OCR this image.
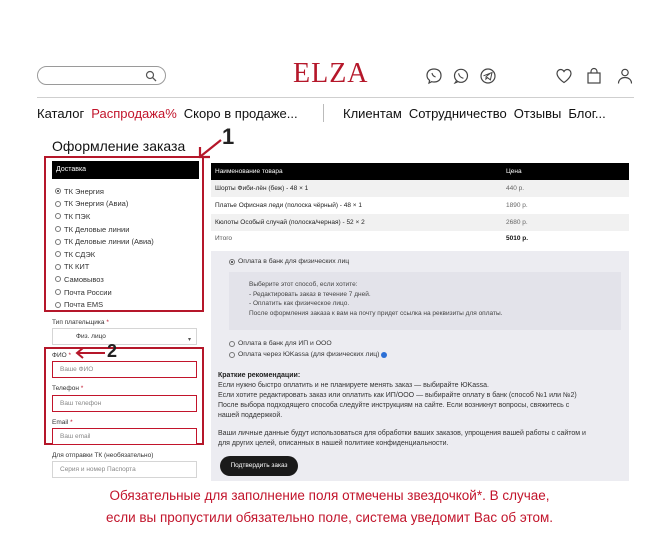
ELZA
Каталог Распродажа% Скоро в продаже...	Клиентам Сотрудничество Отзывы Блог...
Оформление заказа 1
Доставка
ТК Энергия
ТК Энергия (Авиа)
ТК ПЭК
ТК Деловые линии
ТК Деловые линии (Авиа)
ТК СДЭК
ТК КИТ
Самовывоз
Почта России
Почта EMS
Тип плательщика *
Физ. лицо	▾
ФИО * 2
Ваше ФИО
Телефон *
Ваш телефон
Email *
Ваш email
Для отправки ТК (необязательно)
Серия и номер Паспорта
Наименование товара	Цена
Шорты Фиби-лён (беж) - 48 × 1	440 р.
Платье Офисная леди (полоска чёрный) - 48 × 1	1890 р.
Кюлоты Особый случай (полоска/черная) - 52 × 2	2680 р.
Итого	5010 р.
Оплата в банк для физических лиц
Выберите этот способ, если хотите:
- Редактировать заказ в течение 7 дней.
- Оплатить как физическое лицо.
После оформления заказа к вам на почту придет ссылка на реквизиты для оплаты.
Оплата в банк для ИП и ООО
Оплата через ЮKassa (для физических лиц)
Краткие рекомендации:
Если нужно быстро оплатить и не планируете менять заказ — выбирайте ЮKassa.
Если хотите редактировать заказ или оплатить как ИП/ООО — выбирайте оплату в банк (способ №1 или №2)
После выбора подходящего способа следуйте инструкциям на сайте. Если возникнут вопросы, свяжитесь с
нашей поддержкой.
Ваши личные данные будут использоваться для обработки ваших заказов, упрощения вашей работы с сайтом и
для других целей, описанных в нашей политике конфиденциальности.
Подтвердить заказ
Обязательные для заполнение поля отмечены звездочкой*. В случае,
если вы пропустили обязательно поле, система уведомит Вас об этом.
